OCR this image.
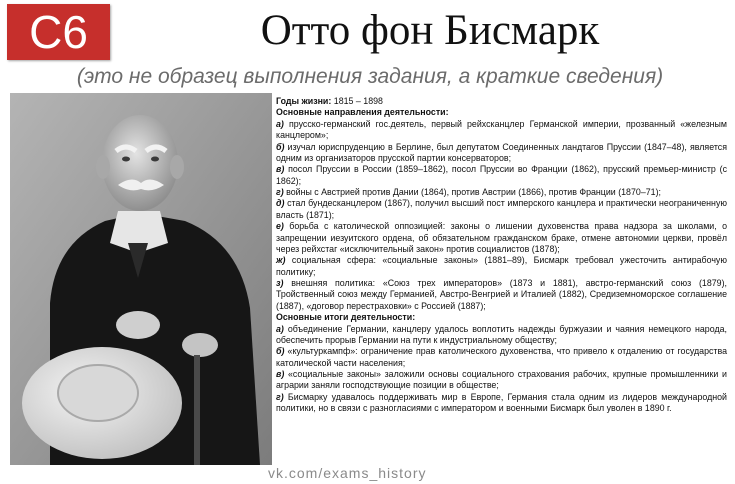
С6	Отто фон Бисмарк
(это не образец выполнения задания, а краткие сведения)

Годы жизни: 1815 – 1898

Основные направления деятельности:

а) прусско-германский гос.деятель, первый рейхсканцлер Германской империи, прозванный «железным канцлером»;

б) изучал юриспруденцию в Берлине, был депутатом Соединенных ландтагов Пруссии (1847–48), является одним из организаторов прусской партии консерваторов;

в) посол Пруссии в России (1859–1862), посол Пруссии во Франции (1862), прусский премьер-министр (с 1862);

г) войны с Австрией против Дании (1864), против Австрии (1866), против Франции (1870–71);

д) стал бундесканцлером (1867), получил высший пост имперского канцлера и практически неограниченную власть (1871);

е) борьба с католической оппозицией: законы о лишении духовенства права надзора за школами, о запрещении иезуитского ордена, об обязательном гражданском браке, отмене автономии церкви, провёл через рейхстаг «исключительный закон» против социалистов (1878);

ж) социальная сфера: «социальные законы» (1881–89), Бисмарк требовал ужесточить антирабочую политику;

з) внешняя политика: «Союз трех императоров» (1873 и 1881), австро-германский союз (1879), Тройственный союз между Германией, Австро-Венгрией и Италией (1882), Средиземноморское соглашение (1887), «договор перестраховки» с Россией (1887);

Основные итоги деятельности:

а) объединение Германии, канцлеру удалось воплотить надежды буржуазии и чаяния немецкого народа, обеспечить прорыв Германии на пути к индустриальному обществу;

б) «культуркампф»: ограничение прав католического духовенства, что привело к отдалению от государства католической части населения;

в) «социальные законы» заложили основы социального страхования рабочих, крупные промышленники и аграрии заняли господствующие позиции в обществе;

г) Бисмарку удавалось поддерживать мир в Европе, Германия стала одним из лидеров международной политики, но в связи с разногласиями с императором и военными Бисмарк был уволен в 1890 г.

vk.com/exams_history
